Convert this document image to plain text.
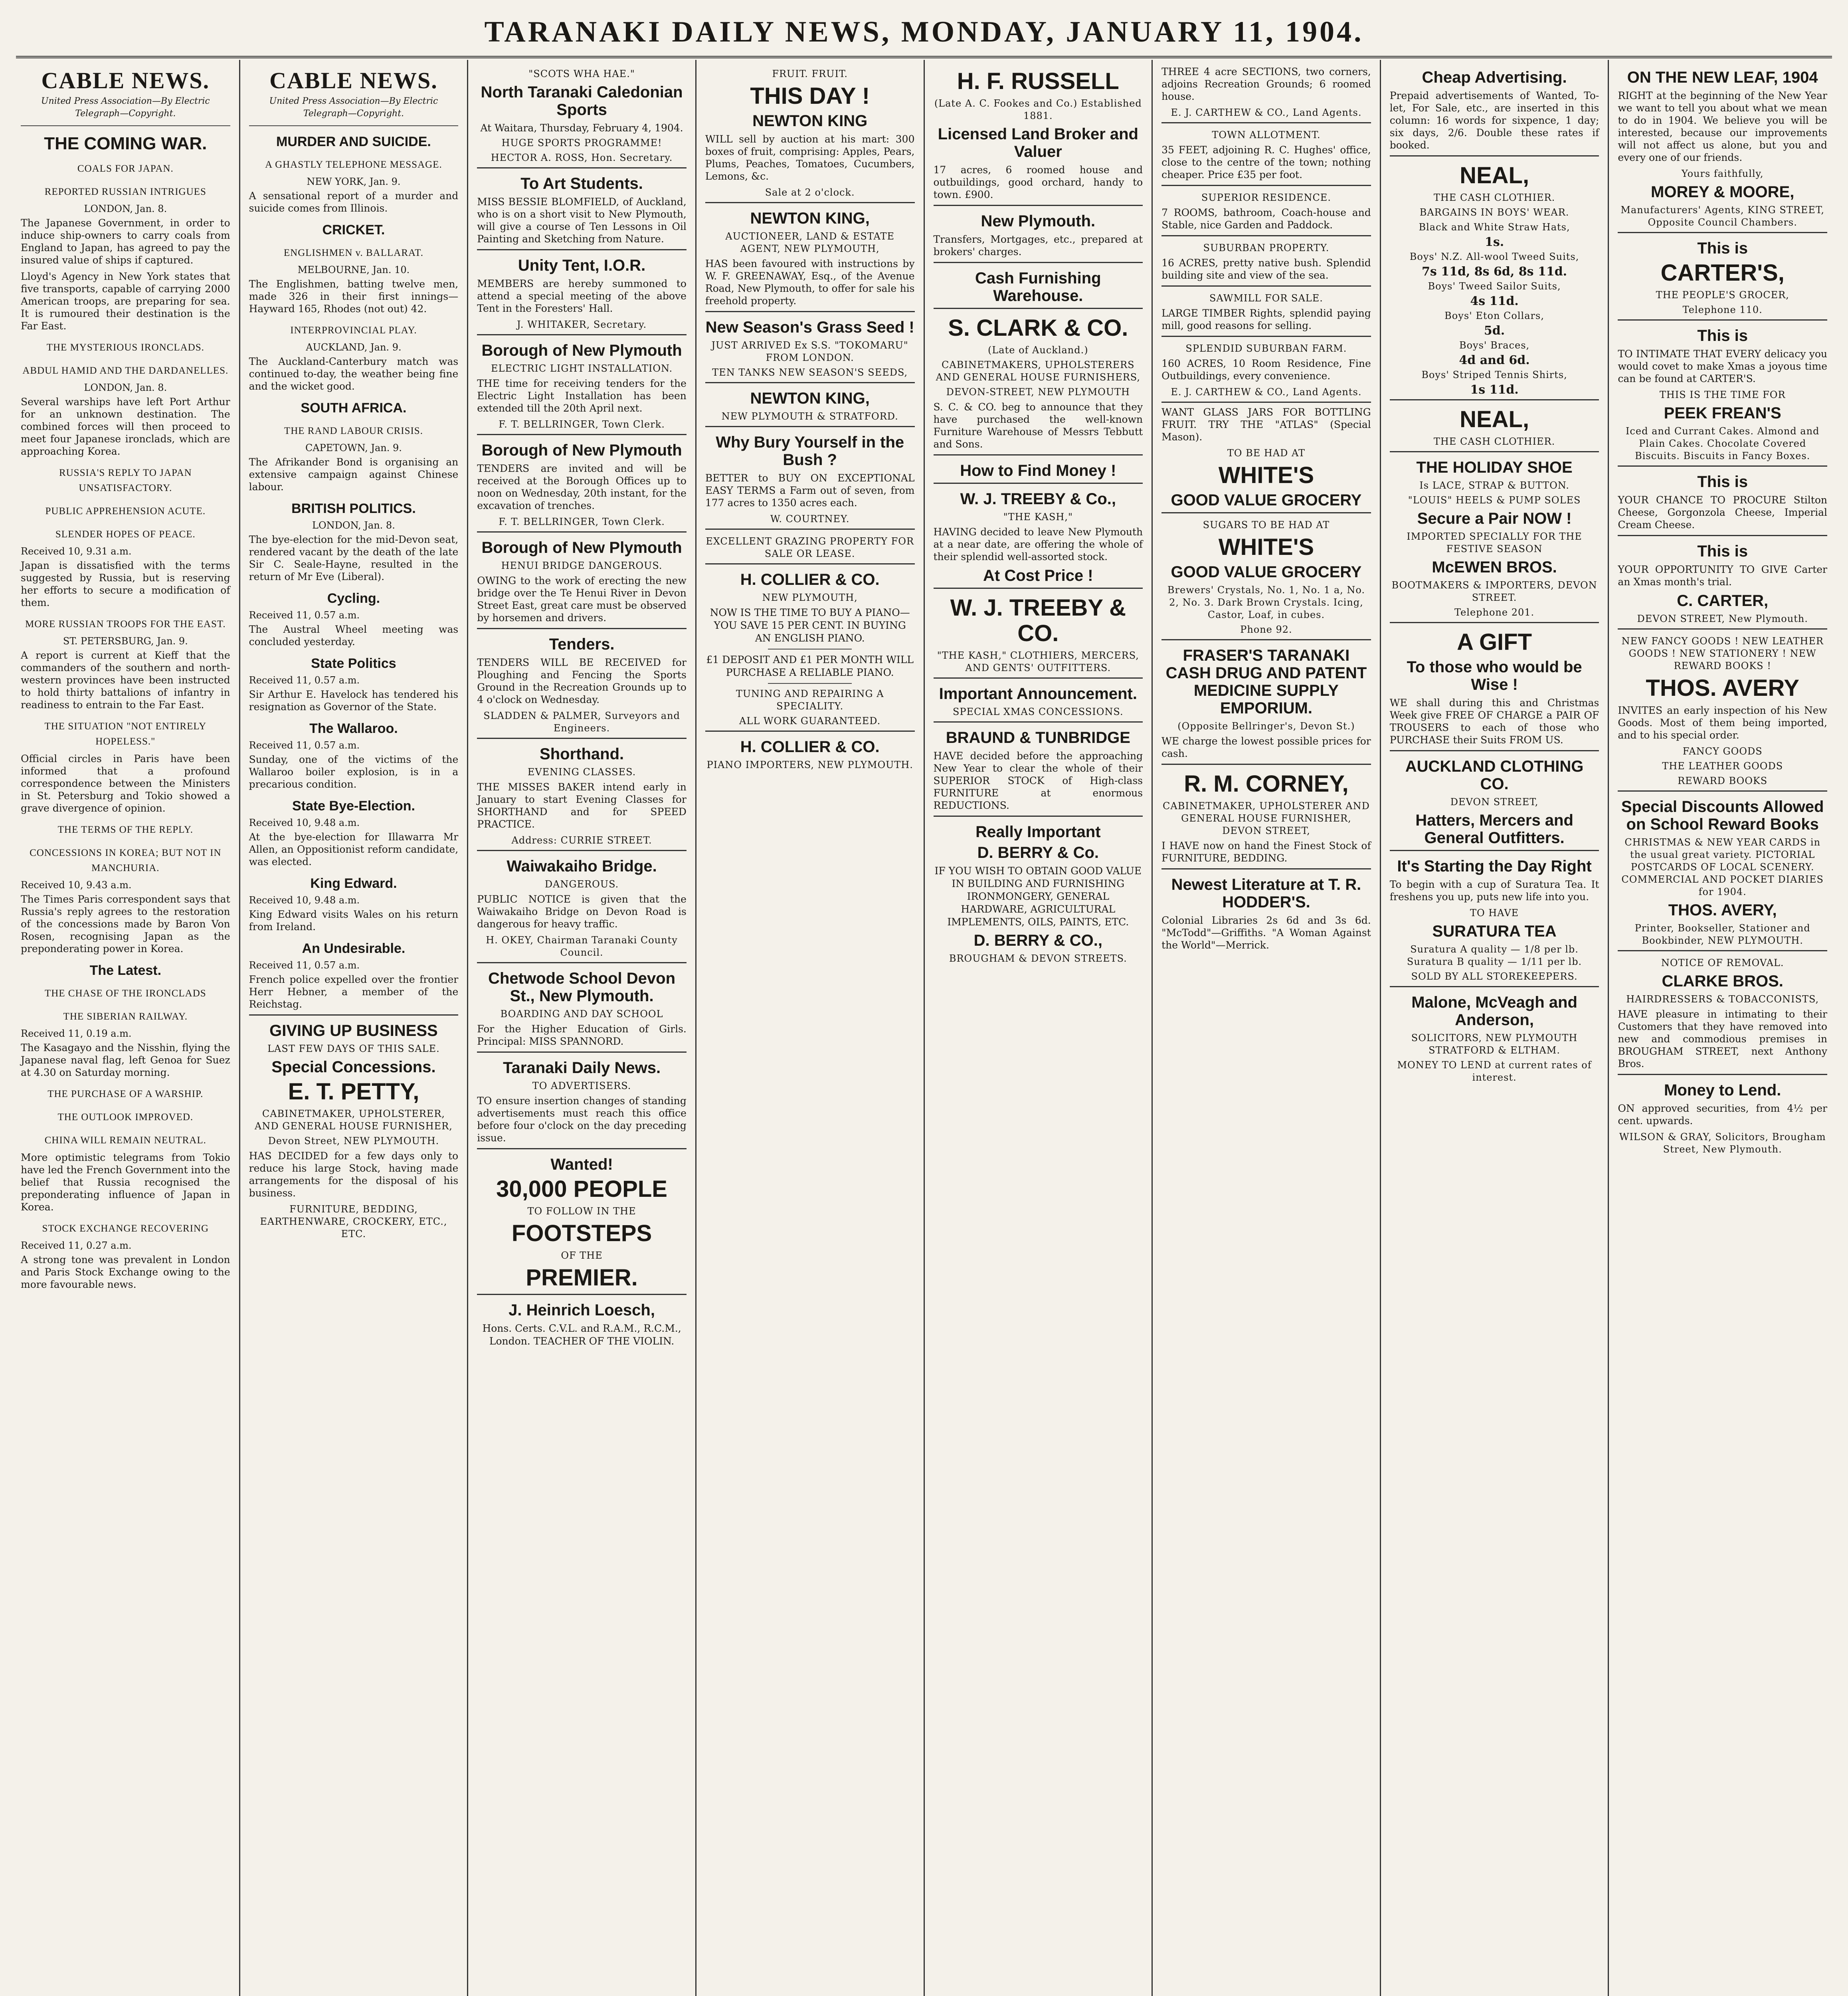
TARANAKI DAILY NEWS, MONDAY, JANUARY 11, 1904.
CABLE NEWS.
United Press Association—By Electric Telegraph—Copyright.
THE COMING WAR.
COALS FOR JAPAN.
REPORTED RUSSIAN INTRIGUES
LONDON, Jan. 8.

The Japanese Government, in order to induce ship-owners to carry coals from England to Japan, has agreed to pay the insured value of ships if captured.

Lloyd's Agency in New York states that five transports, capable of carrying 2000 American troops, are preparing for sea. It is rumoured their destination is the Far East.

THE MYSTERIOUS IRONCLADS.
ABDUL HAMID AND THE DARDANELLES.
LONDON, Jan. 8.

Several warships have left Port Arthur for an unknown destination. The combined forces will then proceed to meet four Japanese ironclads, which are approaching Korea.

RUSSIA'S REPLY TO JAPAN UNSATISFACTORY.
PUBLIC APPREHENSION ACUTE.
SLENDER HOPES OF PEACE.
Received 10, 9.31 a.m.

Japan is dissatisfied with the terms suggested by Russia, but is reserving her efforts to secure a modification of them.

MORE RUSSIAN TROOPS FOR THE EAST.
ST. PETERSBURG, Jan. 9.

A report is current at Kieff that the commanders of the southern and north-western provinces have been instructed to hold thirty battalions of infantry in readiness to entrain to the Far East.

THE SITUATION "NOT ENTIRELY HOPELESS."

Official circles in Paris have been informed that a profound correspondence between the Ministers in St. Petersburg and Tokio showed a grave divergence of opinion.

THE TERMS OF THE REPLY.
CONCESSIONS IN KOREA; BUT NOT IN MANCHURIA.
Received 10, 9.43 a.m.

The Times Paris correspondent says that Russia's reply agrees to the restoration of the concessions made by Baron Von Rosen, recognising Japan as the preponderating power in Korea.

The Latest.
THE CHASE OF THE IRONCLADS
THE SIBERIAN RAILWAY.
Received 11, 0.19 a.m.

The Kasagayo and the Nisshin, flying the Japanese naval flag, left Genoa for Suez at 4.30 on Saturday morning.

THE PURCHASE OF A WARSHIP.
THE OUTLOOK IMPROVED.
CHINA WILL REMAIN NEUTRAL.

More optimistic telegrams from Tokio have led the French Government into the belief that Russia recognised the preponderating influence of Japan in Korea.

STOCK EXCHANGE RECOVERING
Received 11, 0.27 a.m.

A strong tone was prevalent in London and Paris Stock Exchange owing to the more favourable news.

CABLE NEWS.
United Press Association—By Electric Telegraph—Copyright.
MURDER AND SUICIDE.
A GHASTLY TELEPHONE MESSAGE.
NEW YORK, Jan. 9.

A sensational report of a murder and suicide comes from Illinois.

CRICKET.
ENGLISHMEN v. BALLARAT.
MELBOURNE, Jan. 10.

The Englishmen, batting twelve men, made 326 in their first innings—Hayward 165, Rhodes (not out) 42.

INTERPROVINCIAL PLAY.
AUCKLAND, Jan. 9.

The Auckland-Canterbury match was continued to-day, the weather being fine and the wicket good.

SOUTH AFRICA.
THE RAND LABOUR CRISIS.
CAPETOWN, Jan. 9.

The Afrikander Bond is organising an extensive campaign against Chinese labour.

BRITISH POLITICS.
LONDON, Jan. 8.

The bye-election for the mid-Devon seat, rendered vacant by the death of the late Sir C. Seale-Hayne, resulted in the return of Mr Eve (Liberal).

Cycling.
Received 11, 0.57 a.m.

The Austral Wheel meeting was concluded yesterday.

State Politics
Received 11, 0.57 a.m.

Sir Arthur E. Havelock has tendered his resignation as Governor of the State.

The Wallaroo.
Received 11, 0.57 a.m.

Sunday, one of the victims of the Wallaroo boiler explosion, is in a precarious condition.

State Bye-Election.
Received 10, 9.48 a.m.

At the bye-election for Illawarra Mr Allen, an Oppositionist reform candidate, was elected.

King Edward.
Received 10, 9.48 a.m.

King Edward visits Wales on his return from Ireland.

An Undesirable.
Received 11, 0.57 a.m.

French police expelled over the frontier Herr Hebner, a member of the Reichstag.

GIVING UP BUSINESS
LAST FEW DAYS OF THIS SALE.
Special Concessions.
E. T. PETTY,
CABINETMAKER, UPHOLSTERER, AND GENERAL HOUSE FURNISHER,
Devon Street, NEW PLYMOUTH.

HAS DECIDED for a few days only to reduce his large Stock, having made arrangements for the disposal of his business.

FURNITURE, BEDDING, EARTHENWARE, CROCKERY, ETC., ETC.
"SCOTS WHA HAE."
North Taranaki Caledonian Sports
At Waitara, Thursday, February 4, 1904.
HUGE SPORTS PROGRAMME!
HECTOR A. ROSS, Hon. Secretary.
To Art Students.

MISS BESSIE BLOMFIELD, of Auckland, who is on a short visit to New Plymouth, will give a course of Ten Lessons in Oil Painting and Sketching from Nature.

Unity Tent, I.O.R.

MEMBERS are hereby summoned to attend a special meeting of the above Tent in the Foresters' Hall.

J. WHITAKER, Secretary.
Borough of New Plymouth
ELECTRIC LIGHT INSTALLATION.

THE time for receiving tenders for the Electric Light Installation has been extended till the 20th April next.

F. T. BELLRINGER, Town Clerk.
Borough of New Plymouth

TENDERS are invited and will be received at the Borough Offices up to noon on Wednesday, 20th instant, for the excavation of trenches.

F. T. BELLRINGER, Town Clerk.
Borough of New Plymouth
HENUI BRIDGE DANGEROUS.

OWING to the work of erecting the new bridge over the Te Henui River in Devon Street East, great care must be observed by horsemen and drivers.

Tenders.

TENDERS WILL BE RECEIVED for Ploughing and Fencing the Sports Ground in the Recreation Grounds up to 4 o'clock on Wednesday.

SLADDEN & PALMER, Surveyors and Engineers.
Shorthand.
EVENING CLASSES.

THE MISSES BAKER intend early in January to start Evening Classes for SHORTHAND and for SPEED PRACTICE.

Address: CURRIE STREET.
Waiwakaiho Bridge.
DANGEROUS.

PUBLIC NOTICE is given that the Waiwakaiho Bridge on Devon Road is dangerous for heavy traffic.

H. OKEY, Chairman Taranaki County Council.
Chetwode School Devon St., New Plymouth.
BOARDING AND DAY SCHOOL

For the Higher Education of Girls. Principal: MISS SPANNORD.

Taranaki Daily News.
TO ADVERTISERS.

TO ensure insertion changes of standing advertisements must reach this office before four o'clock on the day preceding issue.

Wanted!
30,000 PEOPLE
TO FOLLOW IN THE
FOOTSTEPS
OF THE
PREMIER.
J. Heinrich Loesch,
Hons. Certs. C.V.L. and R.A.M., R.C.M., London. TEACHER OF THE VIOLIN.
FRUIT. FRUIT.
THIS DAY !
NEWTON KING

WILL sell by auction at his mart: 300 boxes of fruit, comprising: Apples, Pears, Plums, Peaches, Tomatoes, Cucumbers, Lemons, &c.

Sale at 2 o'clock.
NEWTON KING,
AUCTIONEER, LAND & ESTATE AGENT, NEW PLYMOUTH,

HAS been favoured with instructions by W. F. GREENAWAY, Esq., of the Avenue Road, New Plymouth, to offer for sale his freehold property.

New Season's Grass Seed !
JUST ARRIVED Ex S.S. "TOKOMARU" FROM LONDON.
TEN TANKS NEW SEASON'S SEEDS,
NEWTON KING,
NEW PLYMOUTH & STRATFORD.
Why Bury Yourself in the Bush ?

BETTER to BUY ON EXCEPTIONAL EASY TERMS a Farm out of seven, from 177 acres to 1350 acres each.

W. COURTNEY.
EXCELLENT GRAZING PROPERTY FOR SALE OR LEASE.
H. COLLIER & CO.
NEW PLYMOUTH,
NOW IS THE TIME TO BUY A PIANO—YOU SAVE 15 PER CENT. IN BUYING AN ENGLISH PIANO.
£1 DEPOSIT AND £1 PER MONTH WILL PURCHASE A RELIABLE PIANO.
TUNING AND REPAIRING A SPECIALITY.
ALL WORK GUARANTEED.
H. COLLIER & CO.
PIANO IMPORTERS, NEW PLYMOUTH.
H. F. RUSSELL
(Late A. C. Fookes and Co.) Established 1881.
Licensed Land Broker and Valuer

17 acres, 6 roomed house and outbuildings, good orchard, handy to town. £900.

New Plymouth.

Transfers, Mortgages, etc., prepared at brokers' charges.

Cash Furnishing Warehouse.
S. CLARK & CO.
(Late of Auckland.)
CABINETMAKERS, UPHOLSTERERS AND GENERAL HOUSE FURNISHERS,
DEVON-STREET, NEW PLYMOUTH

S. C. & CO. beg to announce that they have purchased the well-known Furniture Warehouse of Messrs Tebbutt and Sons.

How to Find Money !
W. J. TREEBY & Co.,
"THE KASH,"

HAVING decided to leave New Plymouth at a near date, are offering the whole of their splendid well-assorted stock.

At Cost Price !
W. J. TREEBY & CO.
"THE KASH," CLOTHIERS, MERCERS, AND GENTS' OUTFITTERS.
Important Announcement.
SPECIAL XMAS CONCESSIONS.
BRAUND & TUNBRIDGE

HAVE decided before the approaching New Year to clear the whole of their SUPERIOR STOCK of High-class FURNITURE at enormous REDUCTIONS.

Really Important
D. BERRY & Co.
IF YOU WISH TO OBTAIN GOOD VALUE IN BUILDING AND FURNISHING IRONMONGERY, GENERAL HARDWARE, AGRICULTURAL IMPLEMENTS, OILS, PAINTS, ETC.
D. BERRY & CO.,
BROUGHAM & DEVON STREETS.

THREE 4 acre SECTIONS, two corners, adjoins Recreation Grounds; 6 roomed house.

E. J. CARTHEW & CO., Land Agents.
TOWN ALLOTMENT.

35 FEET, adjoining R. C. Hughes' office, close to the centre of the town; nothing cheaper. Price £35 per foot.

SUPERIOR RESIDENCE.

7 ROOMS, bathroom, Coach-house and Stable, nice Garden and Paddock.

SUBURBAN PROPERTY.

16 ACRES, pretty native bush. Splendid building site and view of the sea.

SAWMILL FOR SALE.

LARGE TIMBER Rights, splendid paying mill, good reasons for selling.

SPLENDID SUBURBAN FARM.

160 ACRES, 10 Room Residence, Fine Outbuildings, every convenience.

E. J. CARTHEW & CO., Land Agents.

WANT GLASS JARS FOR BOTTLING FRUIT. TRY THE "ATLAS" (Special Mason).

TO BE HAD AT
WHITE'S
GOOD VALUE GROCERY
SUGARS TO BE HAD AT
WHITE'S
GOOD VALUE GROCERY
Brewers' Crystals, No. 1, No. 1 a, No. 2, No. 3. Dark Brown Crystals. Icing, Castor, Loaf, in cubes.
Phone 92.
FRASER'S TARANAKI CASH DRUG AND PATENT MEDICINE SUPPLY EMPORIUM.
(Opposite Bellringer's, Devon St.)

WE charge the lowest possible prices for cash.

R. M. CORNEY,
CABINETMAKER, UPHOLSTERER AND GENERAL HOUSE FURNISHER, DEVON STREET,

I HAVE now on hand the Finest Stock of FURNITURE, BEDDING.

Newest Literature at T. R. HODDER'S.

Colonial Libraries 2s 6d and 3s 6d. "McTodd"—Griffiths. "A Woman Against the World"—Merrick.

Cheap Advertising.

Prepaid advertisements of Wanted, To-let, For Sale, etc., are inserted in this column: 16 words for sixpence, 1 day; six days, 2/6. Double these rates if booked.

NEAL,
THE CASH CLOTHIER.
BARGAINS IN BOYS' WEAR.
Black and White Straw Hats,
1s.
Boys' N.Z. All-wool Tweed Suits,
7s 11d, 8s 6d, 8s 11d.
Boys' Tweed Sailor Suits,
4s 11d.
Boys' Eton Collars,
5d.
Boys' Braces,
4d and 6d.
Boys' Striped Tennis Shirts,
1s 11d.
NEAL,
THE CASH CLOTHIER.
THE HOLIDAY SHOE
Is LACE, STRAP & BUTTON.
"LOUIS" HEELS & PUMP SOLES
Secure a Pair NOW !
IMPORTED SPECIALLY FOR THE FESTIVE SEASON
McEWEN BROS.
BOOTMAKERS & IMPORTERS, DEVON STREET.
Telephone 201.
A GIFT
To those who would be Wise !

WE shall during this and Christmas Week give FREE OF CHARGE a PAIR OF TROUSERS to each of those who PURCHASE their Suits FROM US.

AUCKLAND CLOTHING CO.
DEVON STREET,
Hatters, Mercers and General Outfitters.
It's Starting the Day Right

To begin with a cup of Suratura Tea. It freshens you up, puts new life into you.

TO HAVE
SURATURA TEA
Suratura A quality — 1/8 per lb. Suratura B quality — 1/11 per lb.
SOLD BY ALL STOREKEEPERS.
Malone, McVeagh and Anderson,
SOLICITORS, NEW PLYMOUTH STRATFORD & ELTHAM.
MONEY TO LEND at current rates of interest.
ON THE NEW LEAF, 1904

RIGHT at the beginning of the New Year we want to tell you about what we mean to do in 1904. We believe you will be interested, because our improvements will not affect us alone, but you and every one of our friends.

Yours faithfully,
MOREY & MOORE,
Manufacturers' Agents, KING STREET, Opposite Council Chambers.
This is
CARTER'S,
THE PEOPLE'S GROCER,
Telephone 110.
This is

TO INTIMATE THAT EVERY delicacy you would covet to make Xmas a joyous time can be found at CARTER'S.

THIS IS THE TIME FOR
PEEK FREAN'S
Iced and Currant Cakes. Almond and Plain Cakes. Chocolate Covered Biscuits. Biscuits in Fancy Boxes.
This is

YOUR CHANCE TO PROCURE Stilton Cheese, Gorgonzola Cheese, Imperial Cream Cheese.

This is

YOUR OPPORTUNITY TO GIVE Carter an Xmas month's trial.

C. CARTER,
DEVON STREET, New Plymouth.
NEW FANCY GOODS ! NEW LEATHER GOODS ! NEW STATIONERY ! NEW REWARD BOOKS !
THOS. AVERY

INVITES an early inspection of his New Goods. Most of them being imported, and to his special order.

FANCY GOODS
THE LEATHER GOODS
REWARD BOOKS
Special Discounts Allowed on School Reward Books
CHRISTMAS & NEW YEAR CARDS in the usual great variety. PICTORIAL POSTCARDS OF LOCAL SCENERY. COMMERCIAL AND POCKET DIARIES for 1904.
THOS. AVERY,
Printer, Bookseller, Stationer and Bookbinder, NEW PLYMOUTH.
NOTICE OF REMOVAL.
CLARKE BROS.
HAIRDRESSERS & TOBACCONISTS,

HAVE pleasure in intimating to their Customers that they have removed into new and commodious premises in BROUGHAM STREET, next Anthony Bros.

Money to Lend.

ON approved securities, from 4½ per cent. upwards.

WILSON & GRAY, Solicitors, Brougham Street, New Plymouth.
